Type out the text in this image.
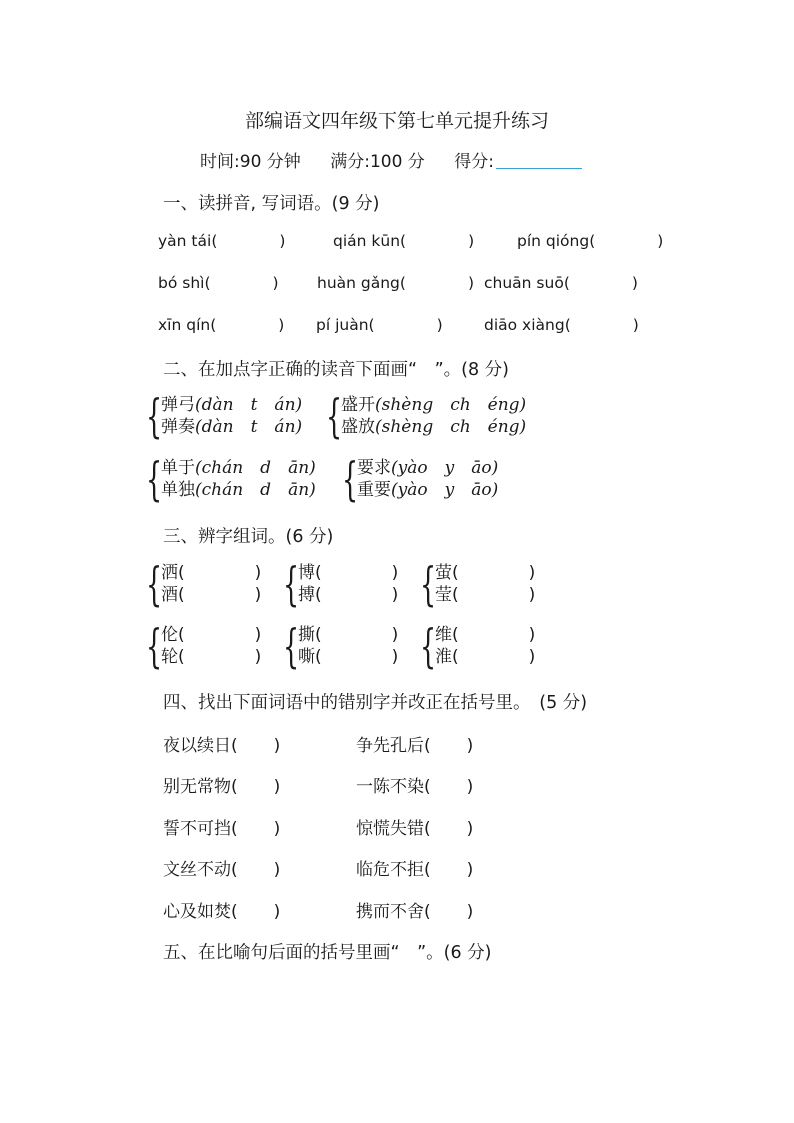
部编语文四年级下第七单元提升练习
时间:90 分钟 满分:100 分 得分:
一、读拼音, 写词语。(9 分)
yàn tái(	)	qián kūn(	)	pín qióng(	)
bó shì(	) huàn gǎng(	) chuān suō(	)
xīn qín(	) pí juàn(	)	diāo xiàng(	)
二、在加点字正确的读音下面画“　”。(8 分)
{
弹弓(dàn　t　án)
弹奏(dàn　t　án) {
盛开(shèng　ch　éng)
盛放(shèng　ch　éng)
{
单于(chán　d　ān)
单独(chán　d　ān) {
要求(yào　y　āo)
重要(yào　y　āo)
三、辨字组词。(6 分)
{
洒(	)
酒(	) {
博(	)
搏(	) {
萤(	)
莹(	)
{
伦(	)
轮(	) {
撕(	)
嘶(	) {
维(	)
淮(	)
四、找出下面词语中的错别字并改正在括号里。　(5 分)
夜以续日( )	争先孔后( )
别无常物( )	一陈不染( )
誓不可挡( )	惊慌失错( )
文丝不动( )	临危不拒( )
心及如焚( )	携而不舍( )
五、在比喻句后面的括号里画“　”。(6 分)
